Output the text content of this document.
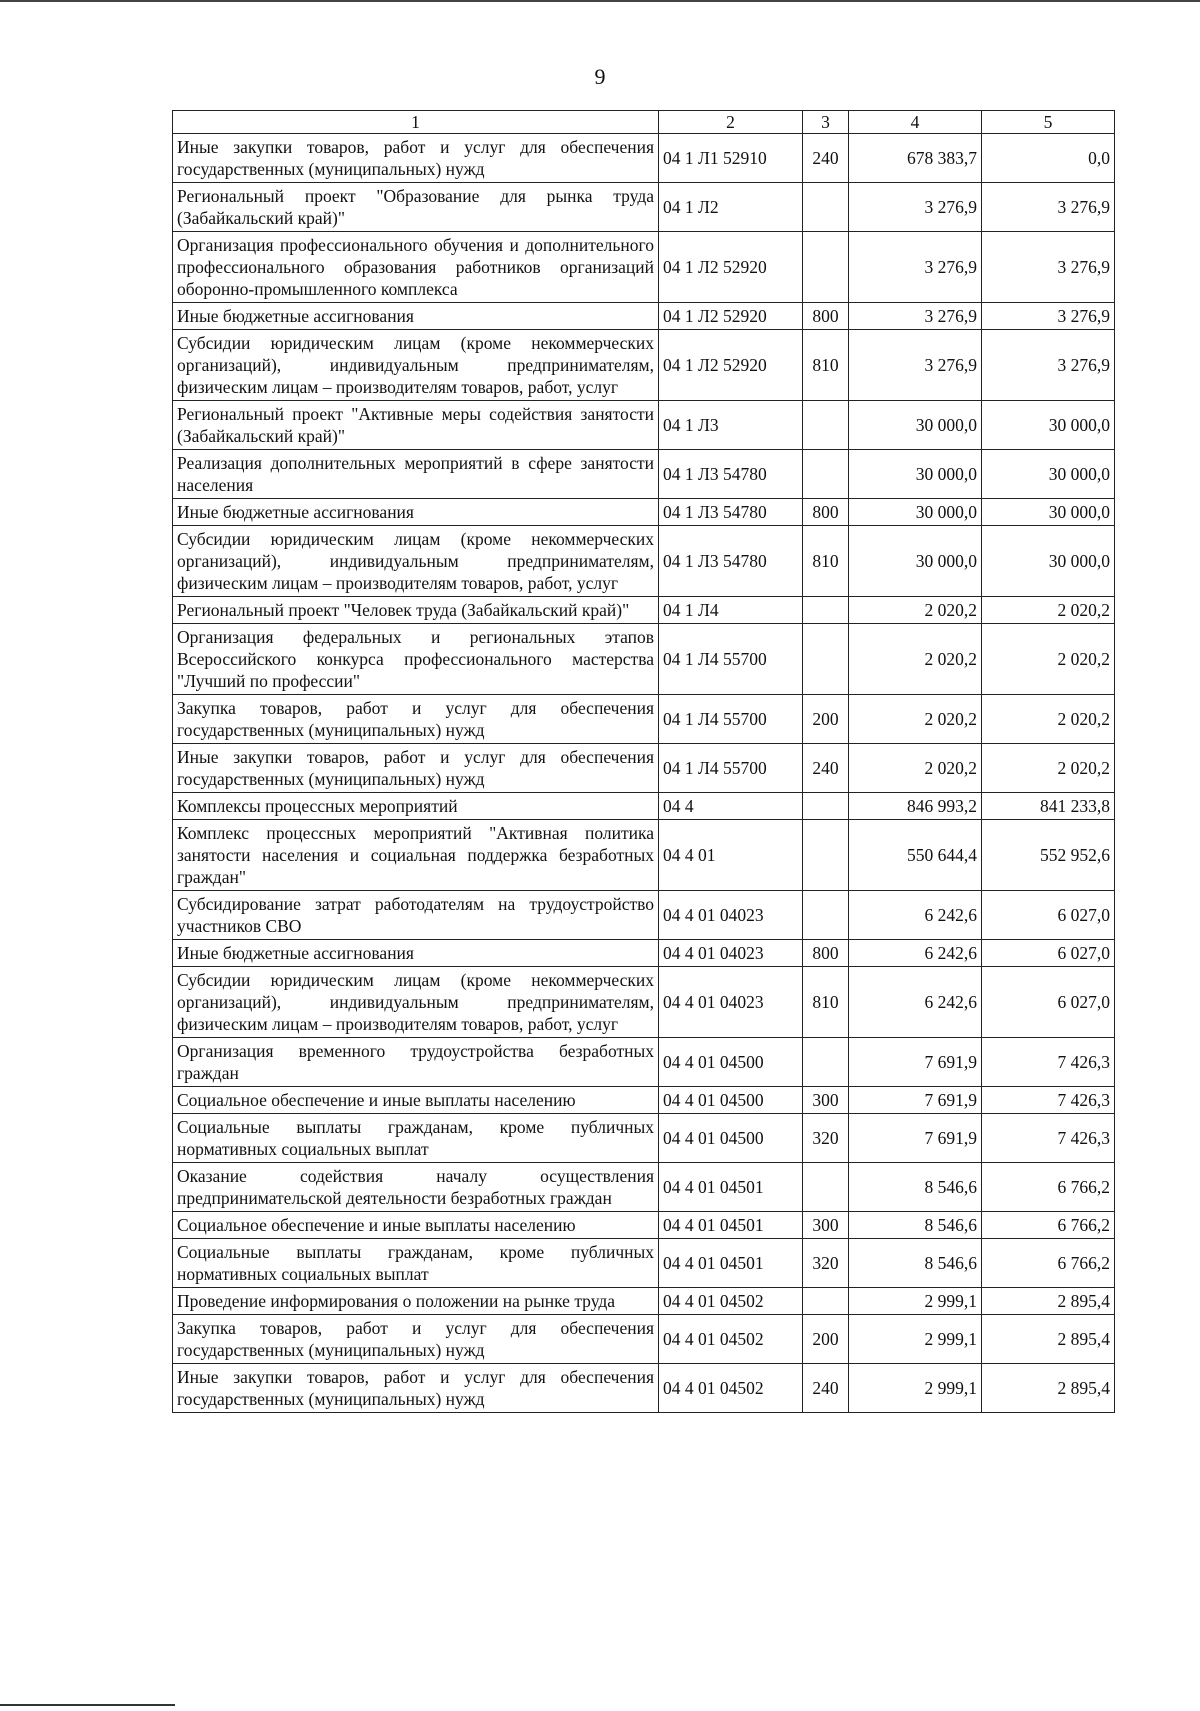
9
1	2	3	4	5
Иные закупки товаров, работ и услуг для обеспечения государственных (муниципальных) нужд	04 1 Л1 52910	240	678 383,7	0,0
Региональный проект "Образование для рынка труда (Забайкальский край)"	04 1 Л2		3 276,9	3 276,9
Организация профессионального обучения и дополнительного профессионального образования работников организаций оборонно-промышленного комплекса	04 1 Л2 52920		3 276,9	3 276,9
Иные бюджетные ассигнования	04 1 Л2 52920	800	3 276,9	3 276,9
Субсидии юридическим лицам (кроме некоммерческих организаций), индивидуальным предпринимателям, физическим лицам – производителям товаров, работ, услуг	04 1 Л2 52920	810	3 276,9	3 276,9
Региональный проект "Активные меры содействия занятости (Забайкальский край)"	04 1 Л3		30 000,0	30 000,0
Реализация дополнительных мероприятий в сфере занятости населения	04 1 Л3 54780		30 000,0	30 000,0
Иные бюджетные ассигнования	04 1 Л3 54780	800	30 000,0	30 000,0
Субсидии юридическим лицам (кроме некоммерческих организаций), индивидуальным предпринимателям, физическим лицам – производителям товаров, работ, услуг	04 1 Л3 54780	810	30 000,0	30 000,0
Региональный проект "Человек труда (Забайкальский край)"	04 1 Л4		2 020,2	2 020,2
Организация федеральных и региональных этапов Всероссийского конкурса профессионального мастерства "Лучший по профессии"	04 1 Л4 55700		2 020,2	2 020,2
Закупка товаров, работ и услуг для обеспечения государственных (муниципальных) нужд	04 1 Л4 55700	200	2 020,2	2 020,2
Иные закупки товаров, работ и услуг для обеспечения государственных (муниципальных) нужд	04 1 Л4 55700	240	2 020,2	2 020,2
Комплексы процессных мероприятий	04 4		846 993,2	841 233,8
Комплекс процессных мероприятий "Активная политика занятости населения и социальная поддержка безработных граждан"	04 4 01		550 644,4	552 952,6
Субсидирование затрат работодателям на трудоустройство участников СВО	04 4 01 04023		6 242,6	6 027,0
Иные бюджетные ассигнования	04 4 01 04023	800	6 242,6	6 027,0
Субсидии юридическим лицам (кроме некоммерческих организаций), индивидуальным предпринимателям, физическим лицам – производителям товаров, работ, услуг	04 4 01 04023	810	6 242,6	6 027,0
Организация временного трудоустройства безработных граждан	04 4 01 04500		7 691,9	7 426,3
Социальное обеспечение и иные выплаты населению	04 4 01 04500	300	7 691,9	7 426,3
Социальные выплаты гражданам, кроме публичных нормативных социальных выплат	04 4 01 04500	320	7 691,9	7 426,3
Оказание содействия началу осуществления предпринимательской деятельности безработных граждан	04 4 01 04501		8 546,6	6 766,2
Социальное обеспечение и иные выплаты населению	04 4 01 04501	300	8 546,6	6 766,2
Социальные выплаты гражданам, кроме публичных нормативных социальных выплат	04 4 01 04501	320	8 546,6	6 766,2
Проведение информирования о положении на рынке труда	04 4 01 04502		2 999,1	2 895,4
Закупка товаров, работ и услуг для обеспечения государственных (муниципальных) нужд	04 4 01 04502	200	2 999,1	2 895,4
Иные закупки товаров, работ и услуг для обеспечения государственных (муниципальных) нужд	04 4 01 04502	240	2 999,1	2 895,4
